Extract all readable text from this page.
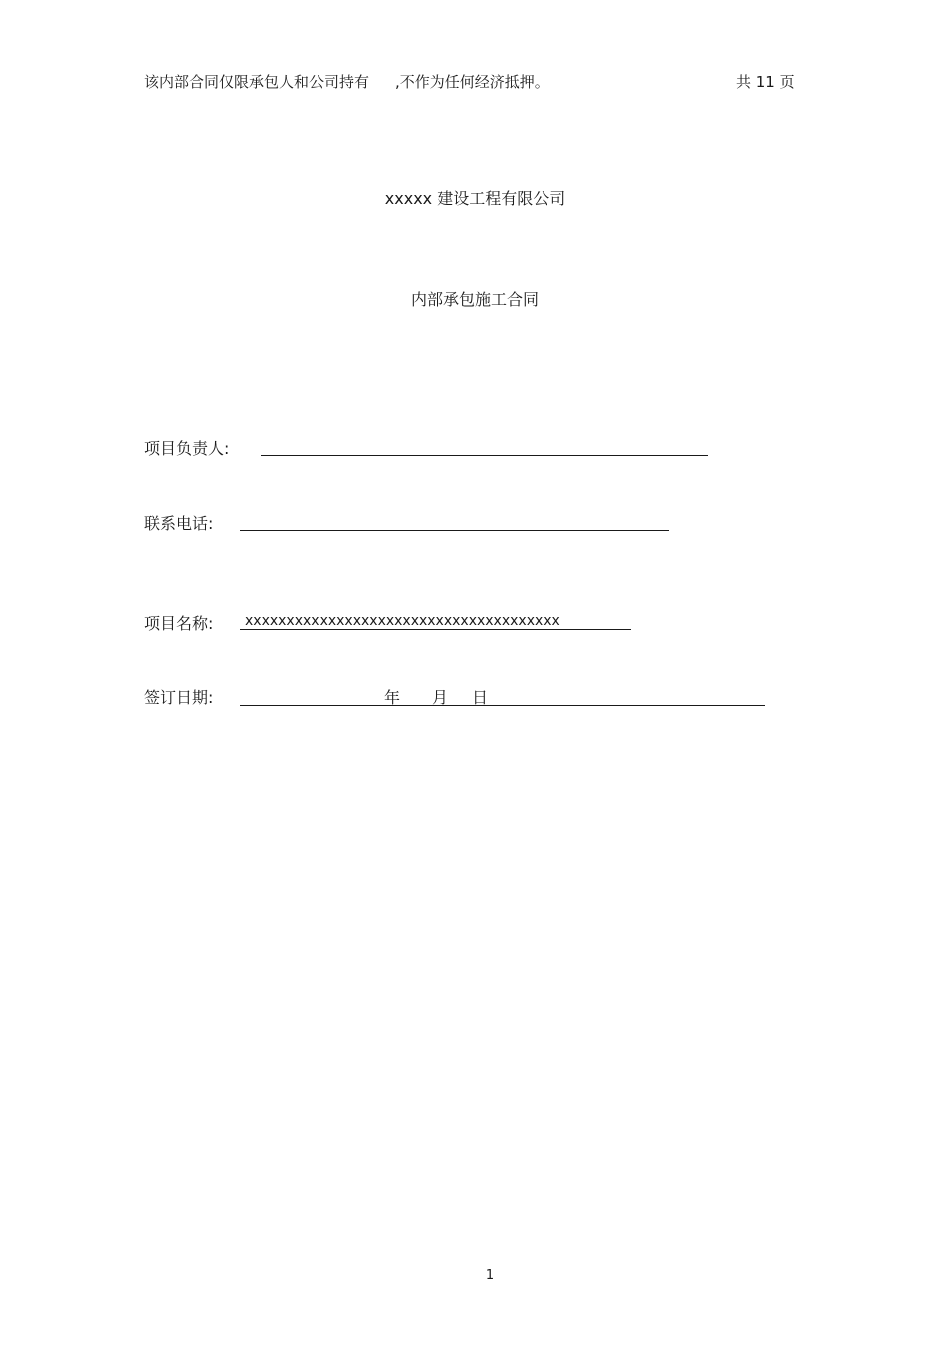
该内部合同仅限承包人和公司持有 ,不作为任何经济抵押。	共 11 页
xxxxx 建设工程有限公司
内部承包施工合同
项目负责人:
联系电话:
项目名称: xxxxxxxxxxxxxxxxxxxxxxxxxxxxxxxxxxxxxx
签订日期:	年 月 日
1
